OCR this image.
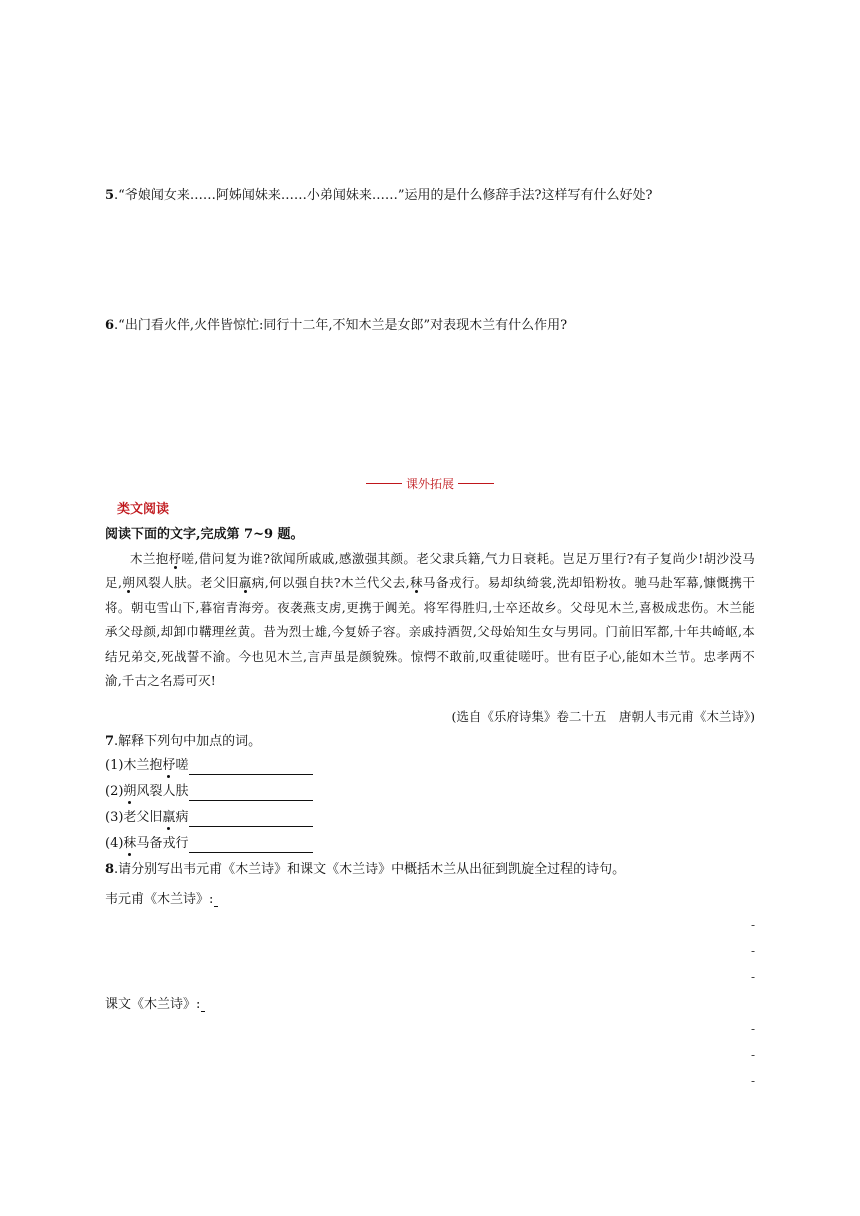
5.“爷娘闻女来……阿姊闻妹来……小弟闻妹来……”运用的是什么修辞手法?这样写有什么好处?
6.“出门看火伴,火伴皆惊忙:同行十二年,不知木兰是女郎”对表现木兰有什么作用?
课外拓展
类文阅读
阅读下面的文字,完成第 7~9 题。

木兰抱杼嗟,借问复为谁?欲闻所戚戚,感激强其颜。老父隶兵籍,气力日衰耗。岂足万里行?有子复尚少!胡沙没马足,朔风裂人肤。老父旧羸病,何以强自扶?木兰代父去,秣马备戎行。易却纨绮裳,洗却铅粉妆。驰马赴军幕,慷慨携干将。朝屯雪山下,暮宿青海旁。夜袭燕支虏,更携于阗羌。将军得胜归,士卒还故乡。父母见木兰,喜极成悲伤。木兰能承父母颜,却卸巾鞲理丝黄。昔为烈士雄,今复娇子容。亲戚持酒贺,父母始知生女与男同。门前旧军都,十年共崎岖,本结兄弟交,死战誓不渝。今也见木兰,言声虽是颜貌殊。惊愕不敢前,叹重徒嗟吁。世有臣子心,能如木兰节。忠孝两不渝,千古之名焉可灭!

(选自《乐府诗集》卷二十五　唐朝人韦元甫《木兰诗》)
7.解释下列句中加点的词。
(1)木兰抱 杼 嗟
(2) 朔 风裂人肤
(3)老父旧 羸 病
(4) 秣 马备戎行
8.请分别写出韦元甫《木兰诗》和课文《木兰诗》中概括木兰从出征到凯旋全过程的诗句。
韦元甫《木兰诗》:
-
-
-
课文《木兰诗》:
-
-
-
